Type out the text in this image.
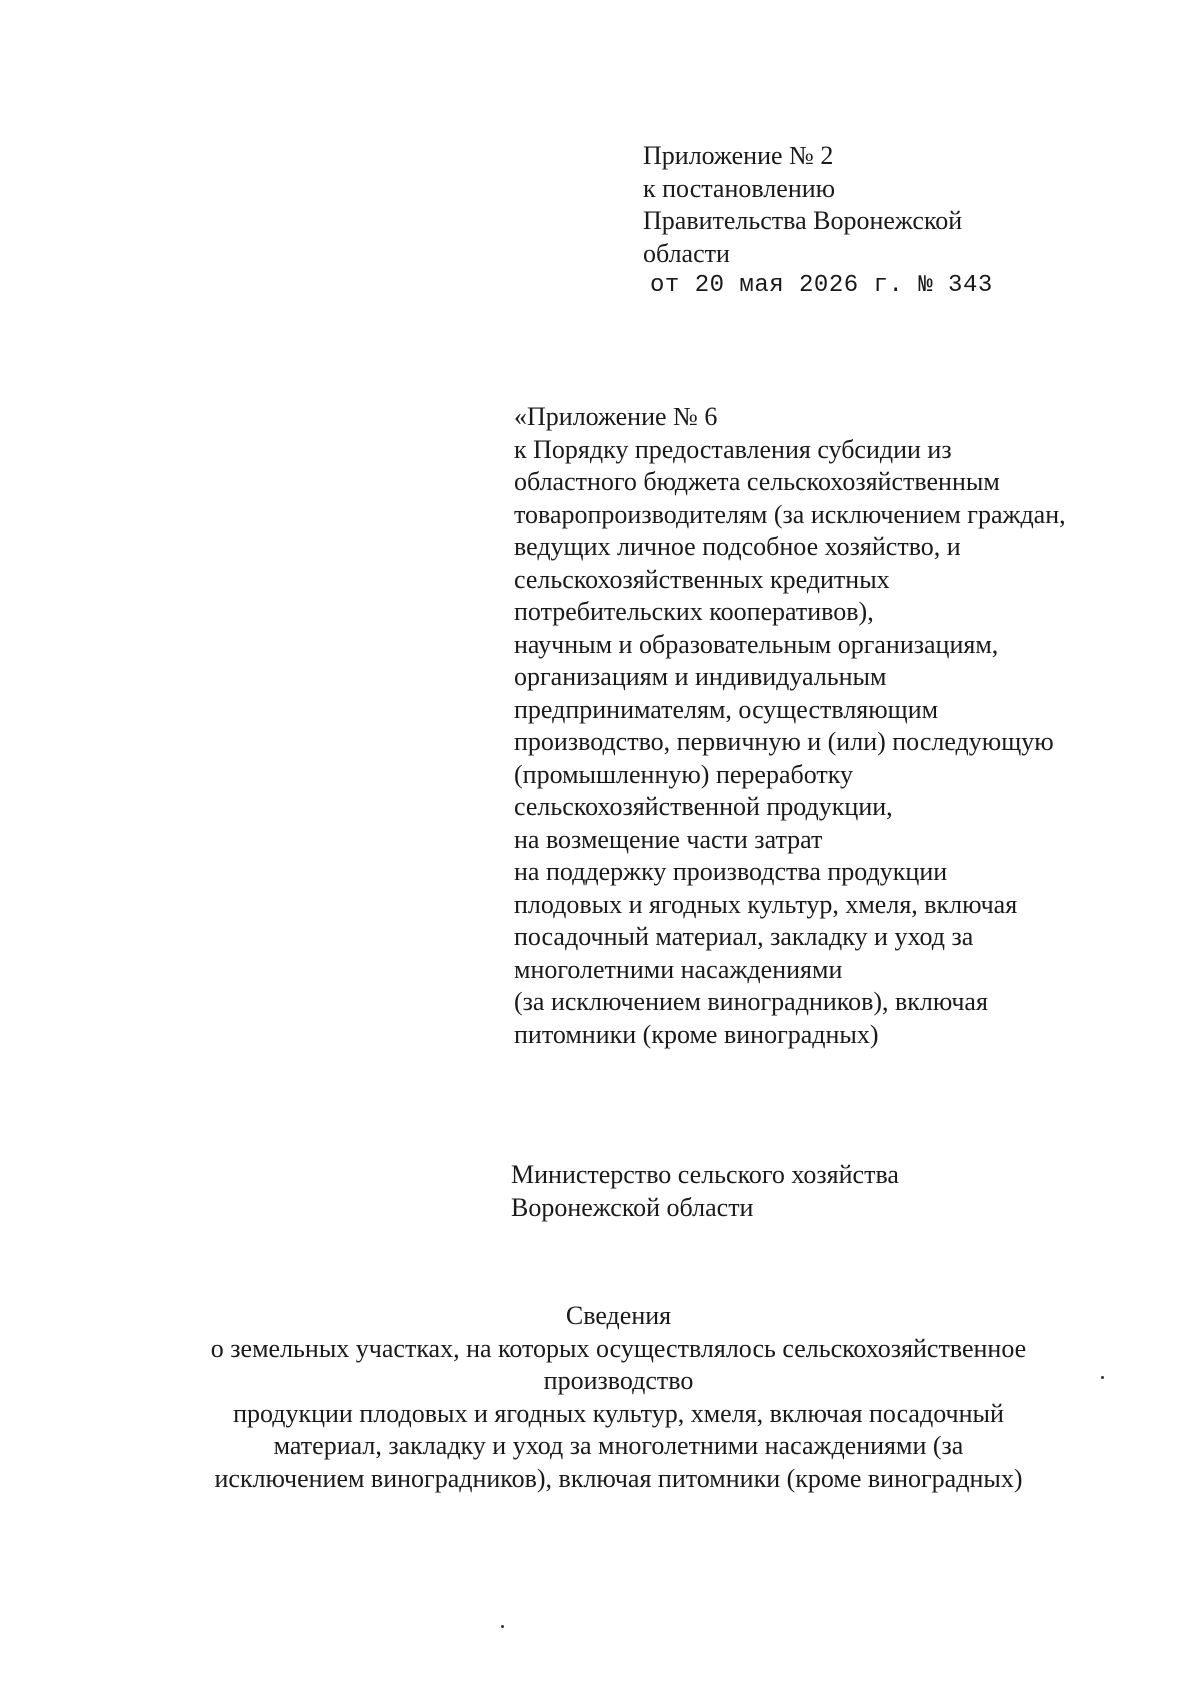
Приложение № 2
к постановлению
Правительства Воронежской
области
от 20 мая 2026 г. № 343
«Приложение № 6
к Порядку предоставления субсидии из
областного бюджета сельскохозяйственным
товаропроизводителям (за исключением граждан,
ведущих личное подсобное хозяйство, и
сельскохозяйственных кредитных
потребительских кооперативов),
научным и образовательным организациям,
организациям и индивидуальным
предпринимателям, осуществляющим
производство, первичную и (или) последующую
(промышленную) переработку
сельскохозяйственной продукции,
на возмещение части затрат
на поддержку производства продукции
плодовых и ягодных культур, хмеля, включая
посадочный материал, закладку и уход за
многолетними насаждениями
(за исключением виноградников), включая
питомники (кроме виноградных)
Министерство сельского хозяйства
Воронежской области
Сведения
о земельных участках, на которых осуществлялось сельскохозяйственное
производство
продукции плодовых и ягодных культур, хмеля, включая посадочный
материал, закладку и уход за многолетними насаждениями (за
исключением виноградников), включая питомники (кроме виноградных)
